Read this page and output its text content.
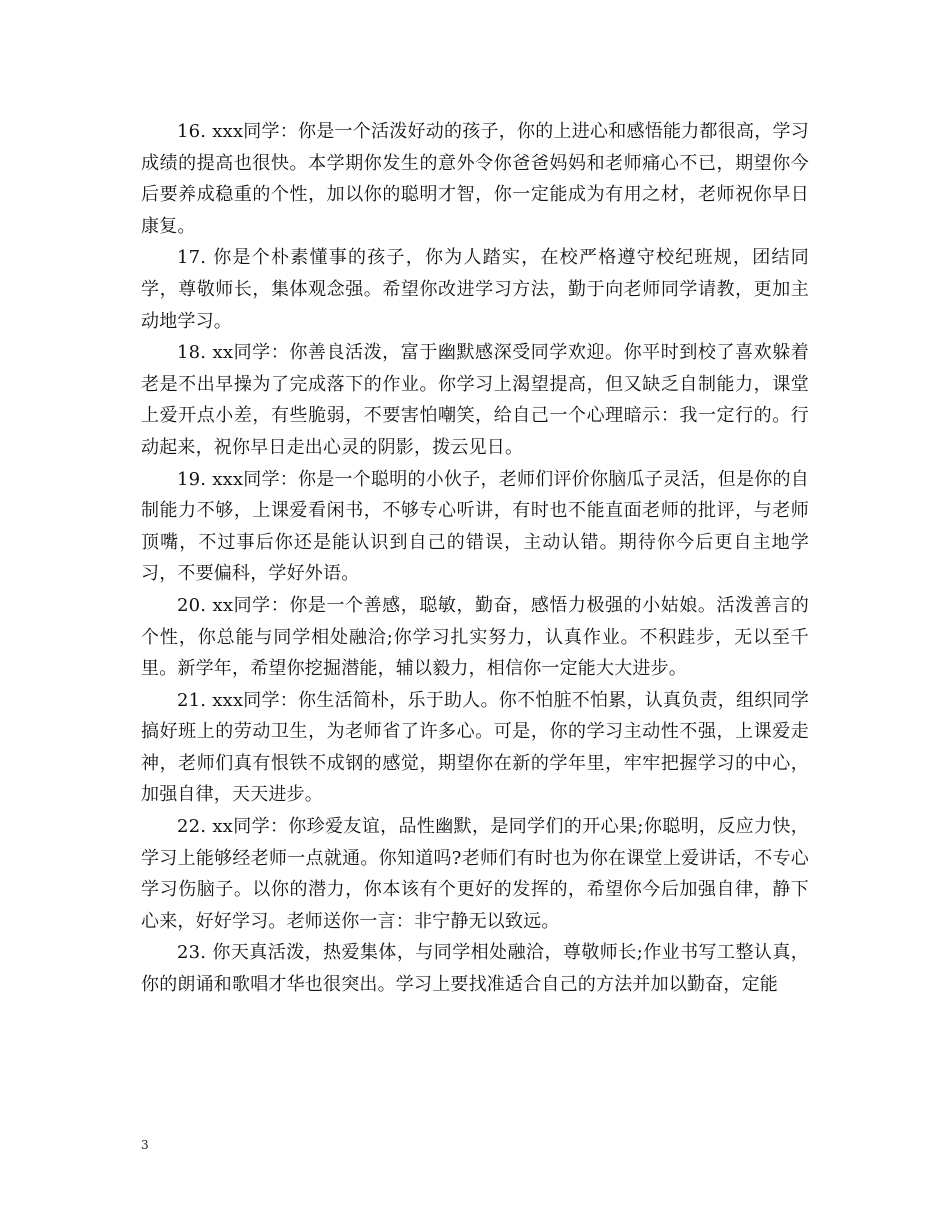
16. xxx同学：你是一个活泼好动的孩子，你的上进心和感悟能力都很高，学习成绩的提高也很快。本学期你发生的意外令你爸爸妈妈和老师痛心不已，期望你今后要养成稳重的个性，加以你的聪明才智，你一定能成为有用之材，老师祝你早日康复。

17. 你是个朴素懂事的孩子，你为人踏实，在校严格遵守校纪班规，团结同学，尊敬师长，集体观念强。希望你改进学习方法，勤于向老师同学请教，更加主动地学习。

18. xx同学：你善良活泼，富于幽默感深受同学欢迎。你平时到校了喜欢躲着老是不出早操为了完成落下的作业。你学习上渴望提高，但又缺乏自制能力，课堂上爱开点小差，有些脆弱，不要害怕嘲笑，给自己一个心理暗示：我一定行的。行动起来，祝你早日走出心灵的阴影，拨云见日。

19. xxx同学：你是一个聪明的小伙子，老师们评价你脑瓜子灵活，但是你的自制能力不够，上课爱看闲书，不够专心听讲，有时也不能直面老师的批评，与老师顶嘴，不过事后你还是能认识到自己的错误，主动认错。期待你今后更自主地学习，不要偏科，学好外语。

20. xx同学：你是一个善感，聪敏，勤奋，感悟力极强的小姑娘。活泼善言的个性，你总能与同学相处融洽;你学习扎实努力，认真作业。不积跬步，无以至千里。新学年，希望你挖掘潜能，辅以毅力，相信你一定能大大进步。

21. xxx同学：你生活简朴，乐于助人。你不怕脏不怕累，认真负责，组织同学搞好班上的劳动卫生，为老师省了许多心。可是，你的学习主动性不强，上课爱走神，老师们真有恨铁不成钢的感觉，期望你在新的学年里，牢牢把握学习的中心，加强自律，天天进步。

22. xx同学：你珍爱友谊，品性幽默，是同学们的开心果;你聪明，反应力快，学习上能够经老师一点就通。你知道吗?老师们有时也为你在课堂上爱讲话，不专心学习伤脑子。以你的潜力，你本该有个更好的发挥的，希望你今后加强自律，静下心来，好好学习。老师送你一言：非宁静无以致远。

23. 你天真活泼，热爱集体，与同学相处融洽，尊敬师长;作业书写工整认真，你的朗诵和歌唱才华也很突出。学习上要找准适合自己的方法并加以勤奋，定能

3
